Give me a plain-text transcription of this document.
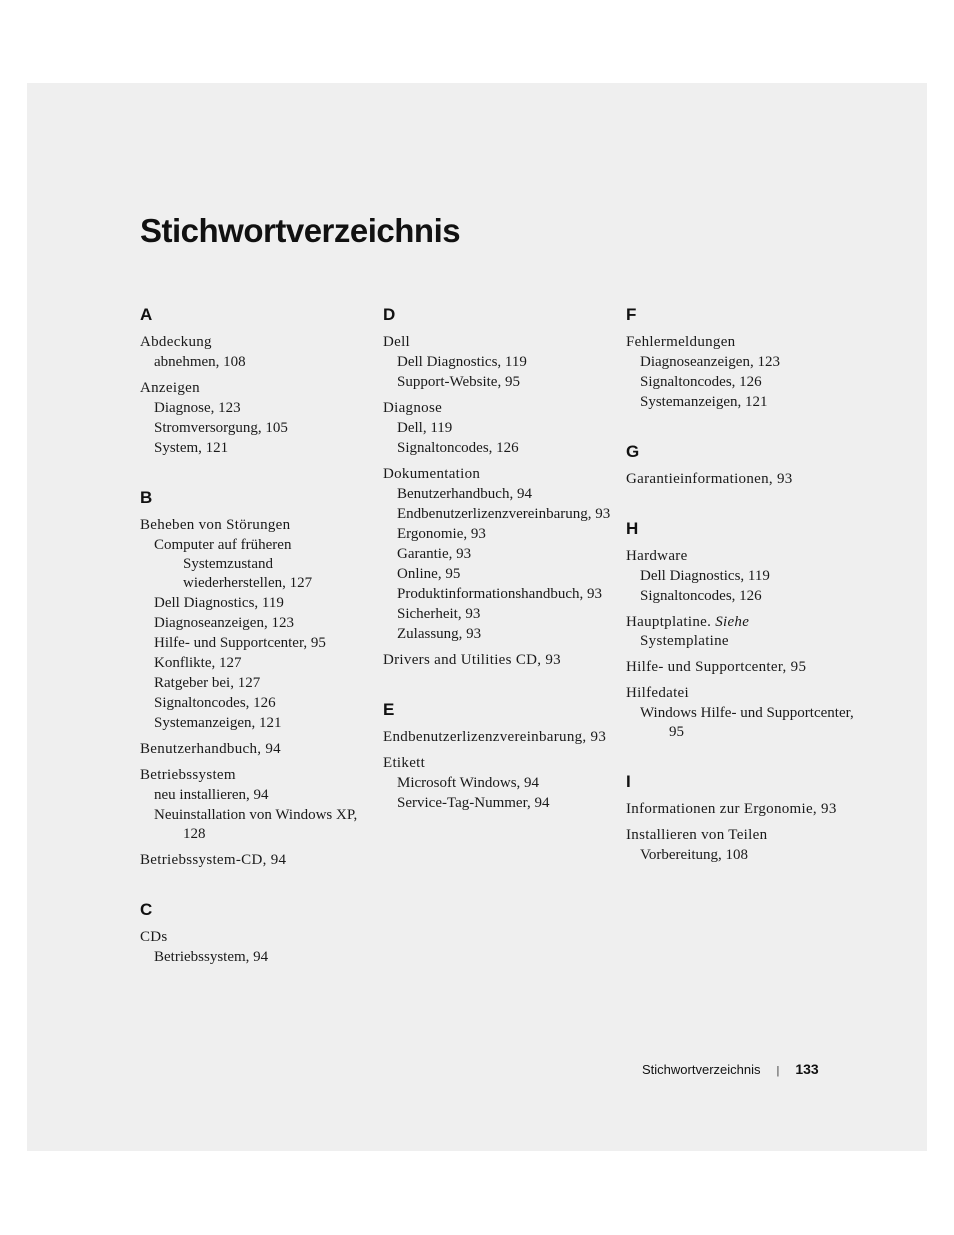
Stichwortverzeichnis
A
Abdeckung
abnehmen, 108
Anzeigen
Diagnose, 123
Stromversorgung, 105
System, 121
B
Beheben von Störungen
Computer auf früheren Systemzustand wiederherstellen, 127
Dell Diagnostics, 119
Diagnoseanzeigen, 123
Hilfe- und Supportcenter, 95
Konflikte, 127
Ratgeber bei, 127
Signaltoncodes, 126
Systemanzeigen, 121
Benutzerhandbuch, 94
Betriebssystem
neu installieren, 94
Neuinstallation von Windows XP, 128
Betriebssystem-CD, 94
C
CDs
Betriebssystem, 94
D
Dell
Dell Diagnostics, 119
Support-Website, 95
Diagnose
Dell, 119
Signaltoncodes, 126
Dokumentation
Benutzerhandbuch, 94
Endbenutzerlizenzvereinbarung, 93
Ergonomie, 93
Garantie, 93
Online, 95
Produktinformationshandbuch, 93
Sicherheit, 93
Zulassung, 93
Drivers and Utilities CD, 93
E
Endbenutzerlizenzvereinbarung, 93
Etikett
Microsoft Windows, 94
Service-Tag-Nummer, 94
F
Fehlermeldungen
Diagnoseanzeigen, 123
Signaltoncodes, 126
Systemanzeigen, 121
G
Garantieinformationen, 93
H
Hardware
Dell Diagnostics, 119
Signaltoncodes, 126
Hauptplatine. Siehe
Systemplatine
Hilfe- und Supportcenter, 95
Hilfedatei
Windows Hilfe- und Supportcenter, 95
I
Informationen zur Ergonomie, 93
Installieren von Teilen
Vorbereitung, 108
Stichwortverzeichnis | 133
